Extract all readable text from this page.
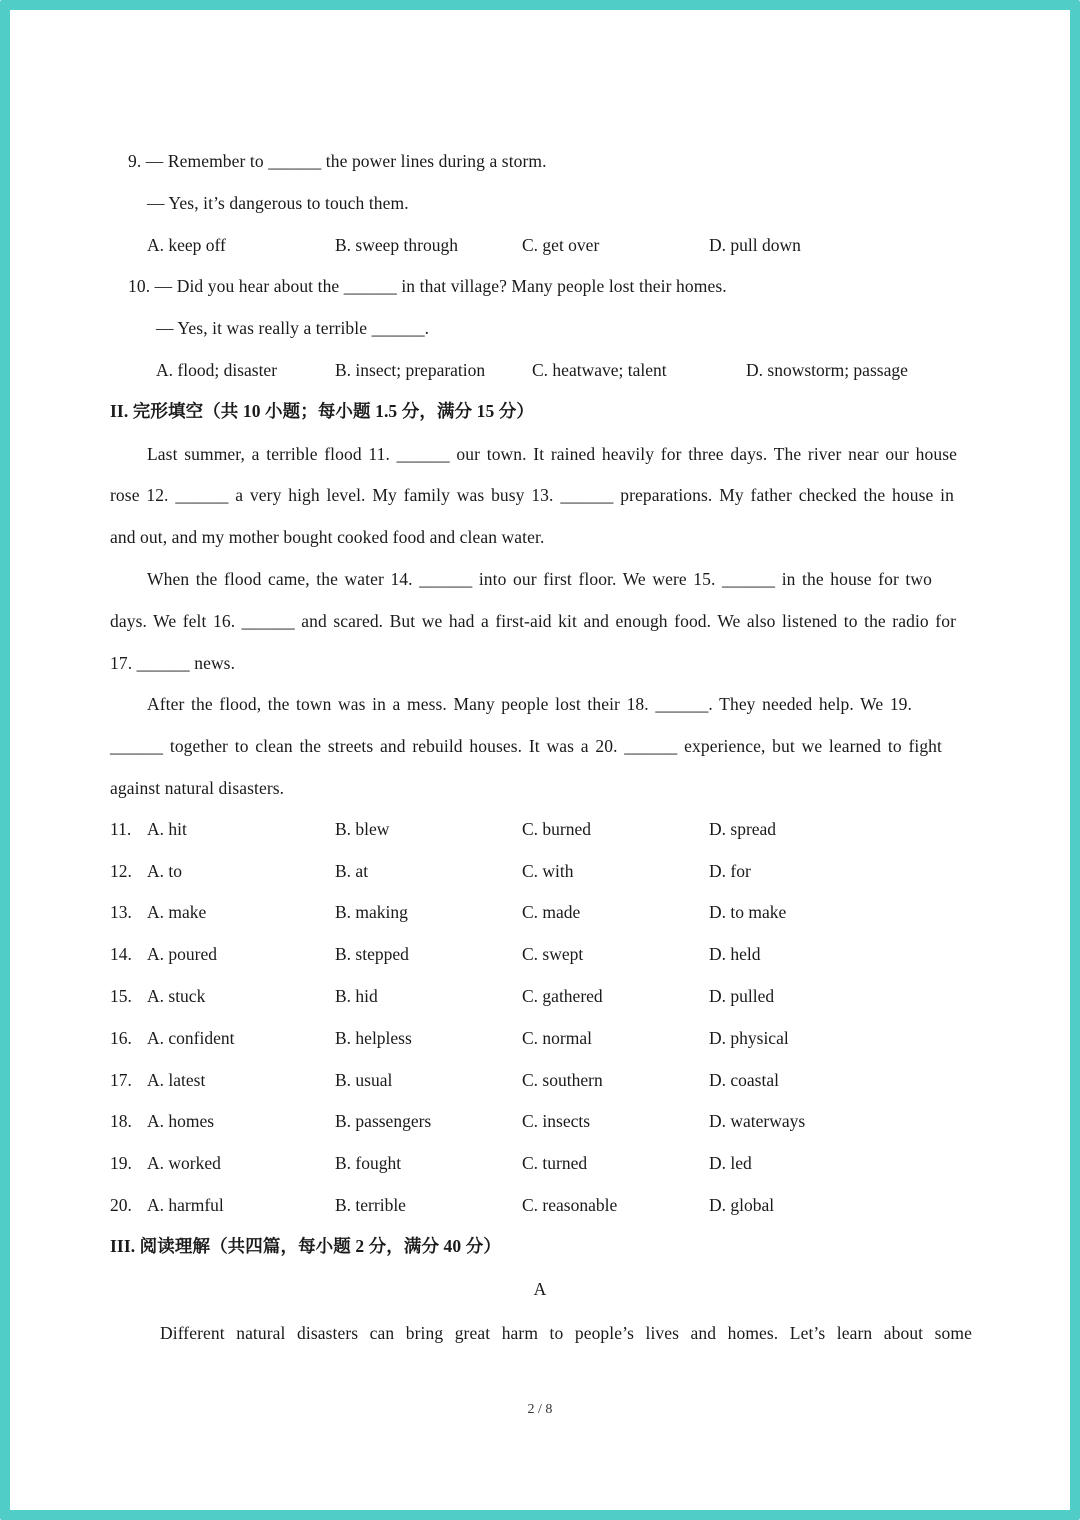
9. — Remember to ______ the power lines during a storm.
— Yes, it’s dangerous to touch them.
A. keep off	B. sweep through	C. get over	D. pull down
10. — Did you hear about the ______ in that village? Many people lost their homes.
— Yes, it was really a terrible ______.
A. flood; disaster	B. insect; preparation	C. heatwave; talent	D. snowstorm; passage
II. 完形填空（共 10 小题；每小题 1.5 分，满分 15 分）
Last summer, a terrible flood 11. ______ our town. It rained heavily for three days. The river near our house
rose 12. ______ a very high level. My family was busy 13. ______ preparations. My father checked the house in
and out, and my mother bought cooked food and clean water.
When the flood came, the water 14. ______ into our first floor. We were 15. ______ in the house for two
days. We felt 16. ______ and scared. But we had a first-aid kit and enough food. We also listened to the radio for
17. ______ news.
After the flood, the town was in a mess. Many people lost their 18. ______. They needed help. We 19.
______ together to clean the streets and rebuild houses. It was a 20. ______ experience, but we learned to fight
against natural disasters.
11. A. hit	B. blew	C. burned	D. spread
12. A. to	B. at	C. with	D. for
13. A. make	B. making	C. made	D. to make
14. A. poured	B. stepped	C. swept	D. held
15. A. stuck	B. hid	C. gathered	D. pulled
16. A. confident	B. helpless	C. normal	D. physical
17. A. latest	B. usual	C. southern	D. coastal
18. A. homes	B. passengers	C. insects	D. waterways
19. A. worked	B. fought	C. turned	D. led
20. A. harmful	B. terrible	C. reasonable	D. global
III. 阅读理解（共四篇，每小题 2 分，满分 40 分）
A
Different natural disasters can bring great harm to people’s lives and homes. Let’s learn about some
2 / 8
